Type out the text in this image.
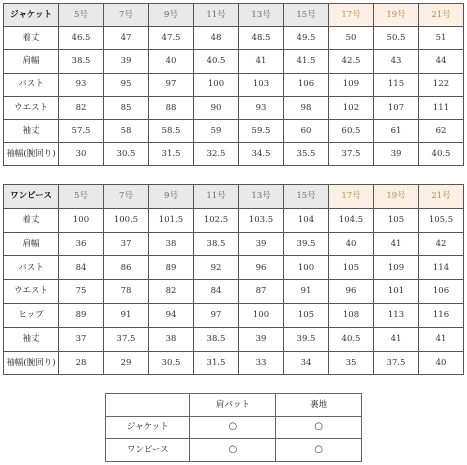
ジャケット	5号	7号	9号	11号	13号	15号	17号	19号	21号
着丈	46.5	47	47.5	48	48.5	49.5	50	50.5	51
肩幅	38.5	39	40	40.5	41	41.5	42.5	43	44
バスト	93	95	97	100	103	106	109	115	122
ウエスト	82	85	88	90	93	98	102	107	111
袖丈	57.5	58	58.5	59	59.5	60	60.5	61	62
袖幅(腕回り)	30	30.5	31.5	32.5	34.5	35.5	37.5	39	40.5
ワンピース	5号	7号	9号	11号	13号	15号	17号	19号	21号
着丈	100	100.5	101.5	102.5	103.5	104	104.5	105	105.5
肩幅	36	37	38	38.5	39	39.5	40	41	42
バスト	84	86	89	92	96	100	105	109	114
ウエスト	75	78	82	84	87	91	96	101	106
ヒップ	89	91	94	97	100	105	108	113	116
袖丈	37	37.5	38	38.5	39	39.5	40.5	41	41
袖幅(腕回り)	28	29	30.5	31.5	33	34	35	37.5	40
	肩パット	裏地
ジャケット	○	○
ワンピース	○	○
